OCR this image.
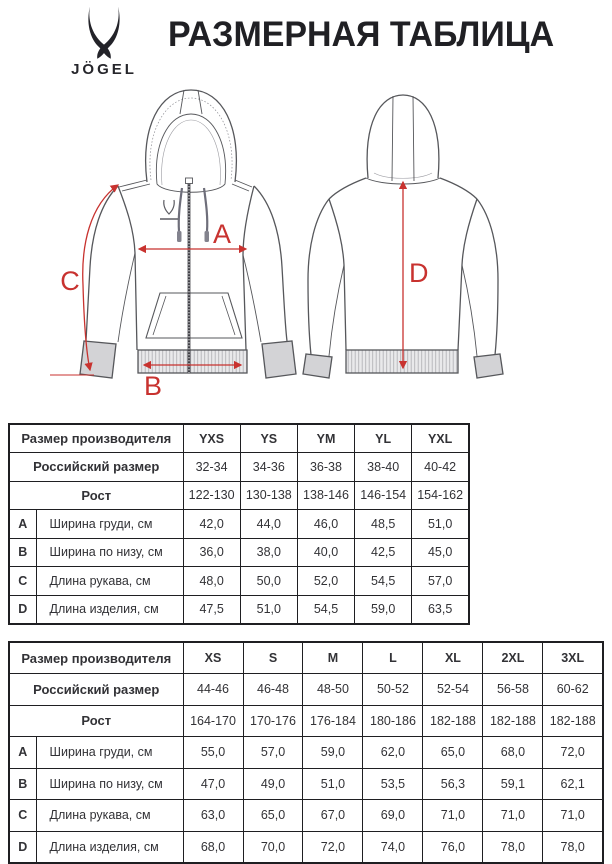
JÖGEL
РАЗМЕРНАЯ ТАБЛИЦА
A
B
C	D
Размер производителя		YXS	YS	YM	YL	YXL
Российский размер		32-34	34-36	36-38	38-40	40-42
Рост		122-130	130-138	138-146	146-154	154-162
A	Ширина груди, см	42,0	44,0	46,0	48,5	51,0
B	Ширина по низу, см	36,0	38,0	40,0	42,5	45,0
C	Длина рукава, см	48,0	50,0	52,0	54,5	57,0
D	Длина изделия, см	47,5	51,0	54,5	59,0	63,5
Размер производителя		XS	S	M	L	XL	2XL	3XL
Российский размер		44-46	46-48	48-50	50-52	52-54	56-58	60-62
Рост		164-170	170-176	176-184	180-186	182-188	182-188	182-188
A	Ширина груди, см	55,0	57,0	59,0	62,0	65,0	68,0	72,0
B	Ширина по низу, см	47,0	49,0	51,0	53,5	56,3	59,1	62,1
C	Длина рукава, см	63,0	65,0	67,0	69,0	71,0	71,0	71,0
D	Длина изделия, см	68,0	70,0	72,0	74,0	76,0	78,0	78,0
